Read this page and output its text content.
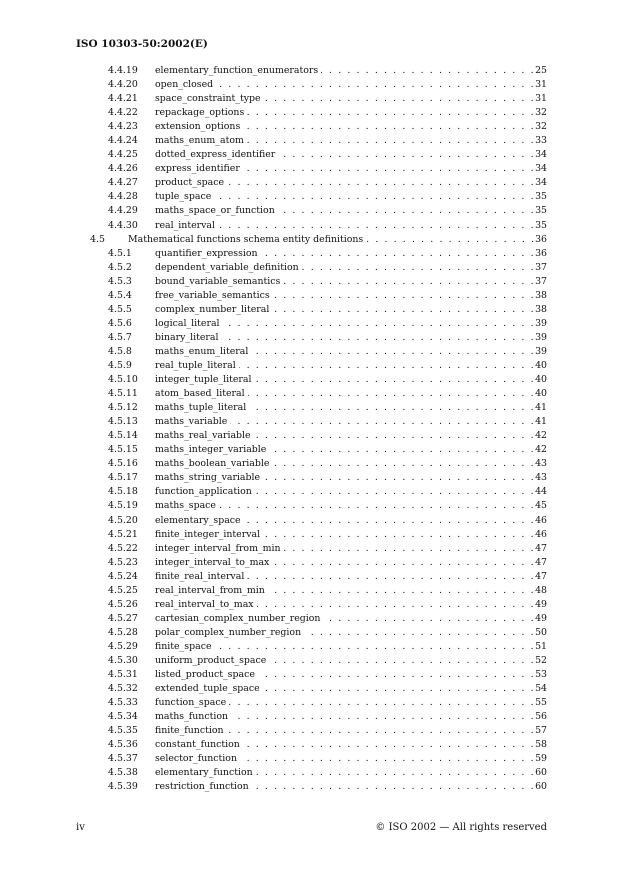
ISO 10303-50:2002(E)
4.4.19 elementary_function_enumerators . . .	25
4.4.20 open_closed . . .	31
4.4.21 space_constraint_type . . .	31
4.4.22 repackage_options . . .	32
4.4.23 extension_options . . .	32
4.4.24 maths_enum_atom . . .	33
4.4.25 dotted_express_identifier . . .	34
4.4.26 express_identifier . . .	34
4.4.27 product_space . . .	34
4.4.28 tuple_space . . .	35
4.4.29 maths_space_or_function . . .	35
4.4.30 real_interval . . .	35
4.5 Mathematical functions schema entity definitions . . .	36
4.5.1 quantifier_expression . . .	36
4.5.2 dependent_variable_definition . . .	37
4.5.3 bound_variable_semantics . . .	37
4.5.4 free_variable_semantics . . .	38
4.5.5 complex_number_literal . . .	38
4.5.6 logical_literal . . .	39
4.5.7 binary_literal . . .	39
4.5.8 maths_enum_literal . . .	39
4.5.9 real_tuple_literal . . .	40
4.5.10 integer_tuple_literal . . .	40
4.5.11 atom_based_literal . . .	40
4.5.12 maths_tuple_literal . . .	41
4.5.13 maths_variable . . .	41
4.5.14 maths_real_variable . . .	42
4.5.15 maths_integer_variable . . .	42
4.5.16 maths_boolean_variable . . .	43
4.5.17 maths_string_variable . . .	43
4.5.18 function_application . . .	44
4.5.19 maths_space . . .	45
4.5.20 elementary_space . . .	46
4.5.21 finite_integer_interval . . .	46
4.5.22 integer_interval_from_min . . .	47
4.5.23 integer_interval_to_max . . .	47
4.5.24 finite_real_interval . . .	47
4.5.25 real_interval_from_min . . .	48
4.5.26 real_interval_to_max . . .	49
4.5.27 cartesian_complex_number_region . . .	49
4.5.28 polar_complex_number_region . . .	50
4.5.29 finite_space . . .	51
4.5.30 uniform_product_space . . .	52
4.5.31 listed_product_space . . .	53
4.5.32 extended_tuple_space . . .	54
4.5.33 function_space . . .	55
4.5.34 maths_function . . .	56
4.5.35 finite_function . . .	57
4.5.36 constant_function . . .	58
4.5.37 selector_function . . .	59
4.5.38 elementary_function . . .	60
4.5.39 restriction_function . . .	60
iv	© ISO 2002 — All rights reserved
